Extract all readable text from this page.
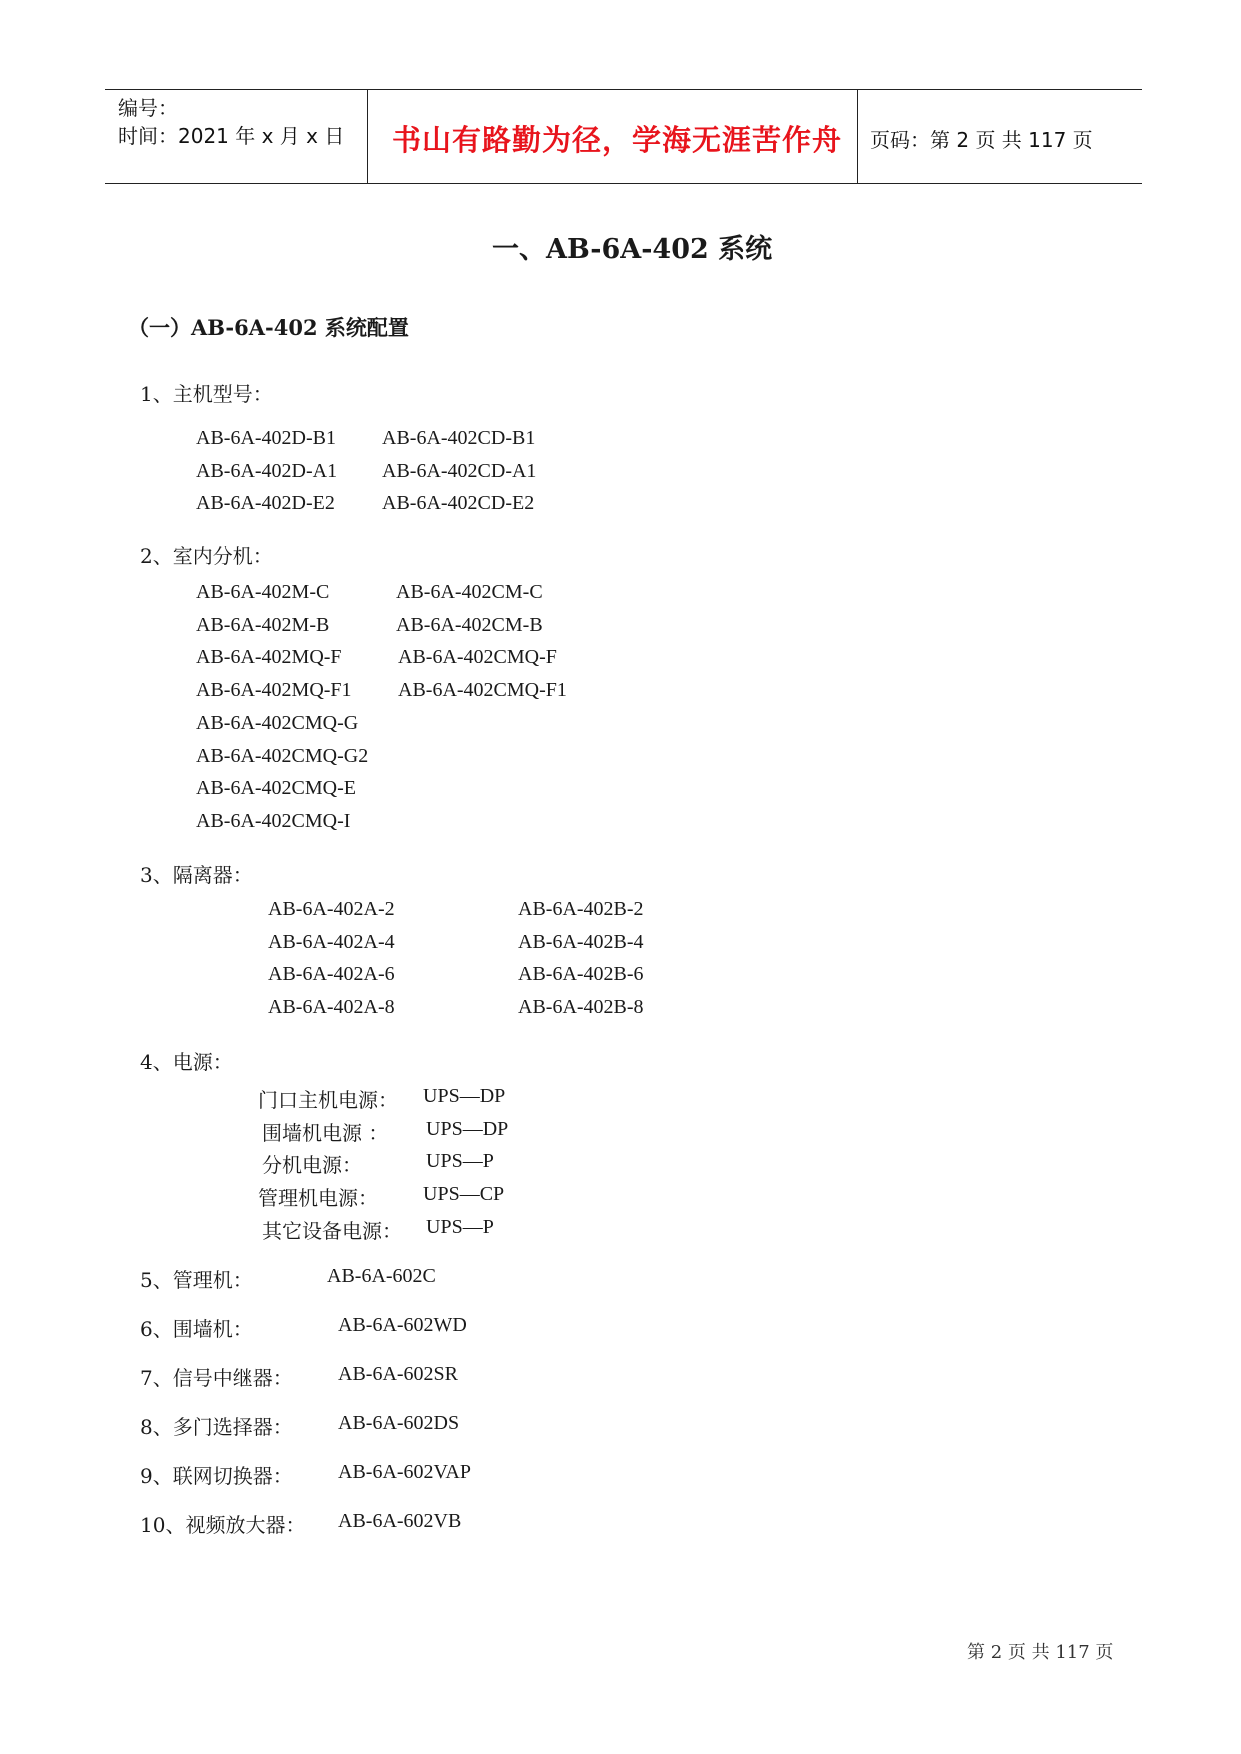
编号：
时间：2021 年 x 月 x 日 书山有路勤为径，学海无涯苦作舟 页码：第 2 页 共 117 页
一、AB-6A-402 系统
（一）AB-6A-402 系统配置
1、主机型号：
AB-6A-402D-B1 AB-6A-402CD-B1
AB-6A-402D-A1 AB-6A-402CD-A1
AB-6A-402D-E2 AB-6A-402CD-E2
2、室内分机：
AB-6A-402M-C	AB-6A-402CM-C
AB-6A-402M-B	AB-6A-402CM-B
AB-6A-402MQ-F	AB-6A-402CMQ-F
AB-6A-402MQ-F1 AB-6A-402CMQ-F1
AB-6A-402CMQ-G
AB-6A-402CMQ-G2
AB-6A-402CMQ-E
AB-6A-402CMQ-I
3、隔离器：
AB-6A-402A-2	AB-6A-402B-2
AB-6A-402A-4	AB-6A-402B-4
AB-6A-402A-6	AB-6A-402B-6
AB-6A-402A-8	AB-6A-402B-8
4、电源：
门口主机电源： UPS—DP
围墙机电源 ： UPS—DP
分机电源：	UPS—P
管理机电源： UPS—CP
其它设备电源： UPS—P
5、管理机：	AB-6A-602C
6、围墙机：	AB-6A-602WD
7、信号中继器： AB-6A-602SR
8、多门选择器： AB-6A-602DS
9、联网切换器： AB-6A-602VAP
10、视频放大器： AB-6A-602VB
第 2 页 共 117 页
